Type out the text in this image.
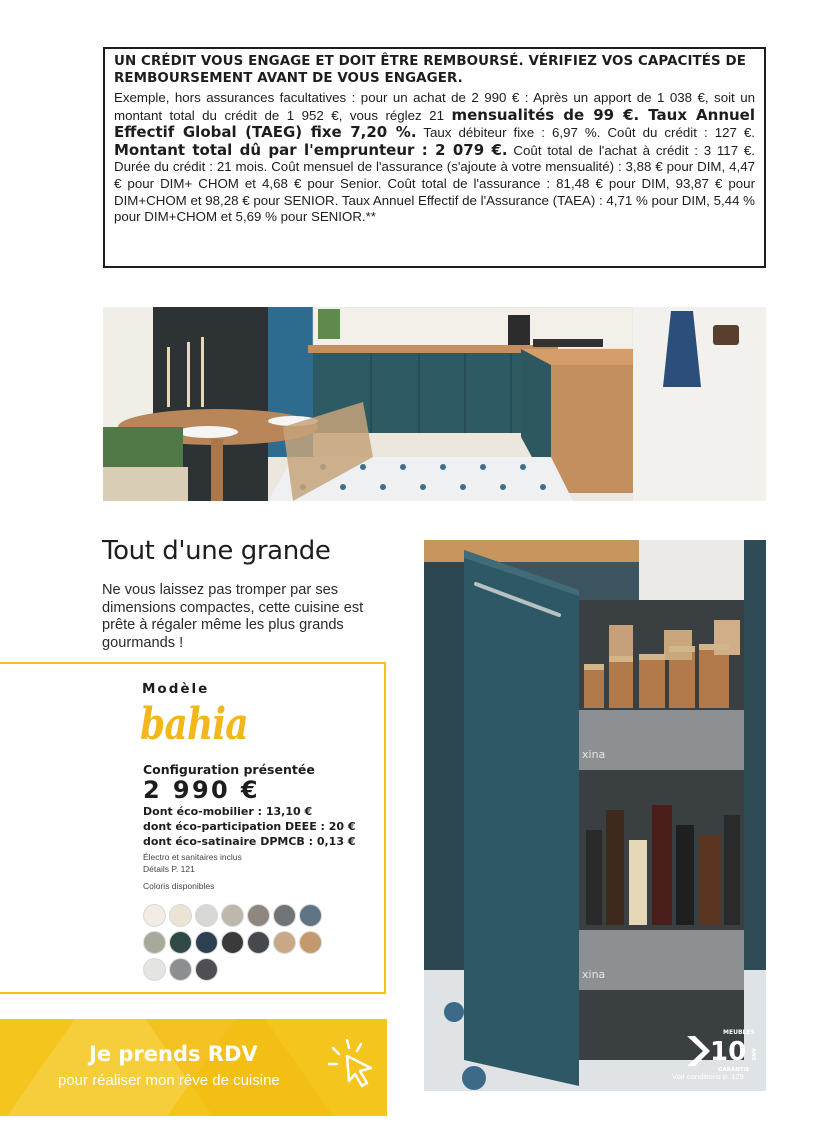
UN CRÉDIT VOUS ENGAGE ET DOIT ÊTRE REMBOURSÉ. VÉRIFIEZ VOS CAPACITÉS DE REMBOURSEMENT AVANT DE VOUS ENGAGER.
Exemple, hors assurances facultatives : pour un achat de 2 990 € : Après un apport de 1 038 €, soit un montant total du crédit de 1 952 €, vous réglez 21 mensualités de 99 €. Taux Annuel Effectif Global (TAEG) fixe 7,20 %. Taux débiteur fixe : 6,97 %. Coût du crédit : 127 €. Montant total dû par l'emprunteur : 2 079 €. Coût total de l'achat à crédit : 3 117 €. Durée du crédit : 21 mois. Coût mensuel de l'assurance (s'ajoute à votre mensualité) : 3,88 € pour DIM, 4,47 € pour DIM+ CHOM et 4,68 € pour Senior. Coût total de l'assurance : 81,48 € pour DIM, 93,87 € pour DIM+CHOM et 98,28 € pour SENIOR. Taux Annuel Effectif de l'Assurance (TAEA) : 4,71 % pour DIM, 5,44 % pour DIM+CHOM et 5,69 % pour SENIOR.**
Tout d'une grande
Ne vous laissez pas tromper par ses dimensions compactes, cette cuisine est prête à régaler même les plus grands gourmands !
Modèle
bahia
Configuration présentée
2 990 €
Dont éco-mobilier : 13,10 €
dont éco-participation DEEE : 20 €
dont éco-satinaire DPMCB : 0,13 €
Électro et sanitaires inclus
Détails P. 121
Coloris disponibles
xina
xina
MEUBLES
10 ANS
GARANTIE
Voir conditions p. 129
Je prends RDV
pour réaliser mon rêve de cuisine
